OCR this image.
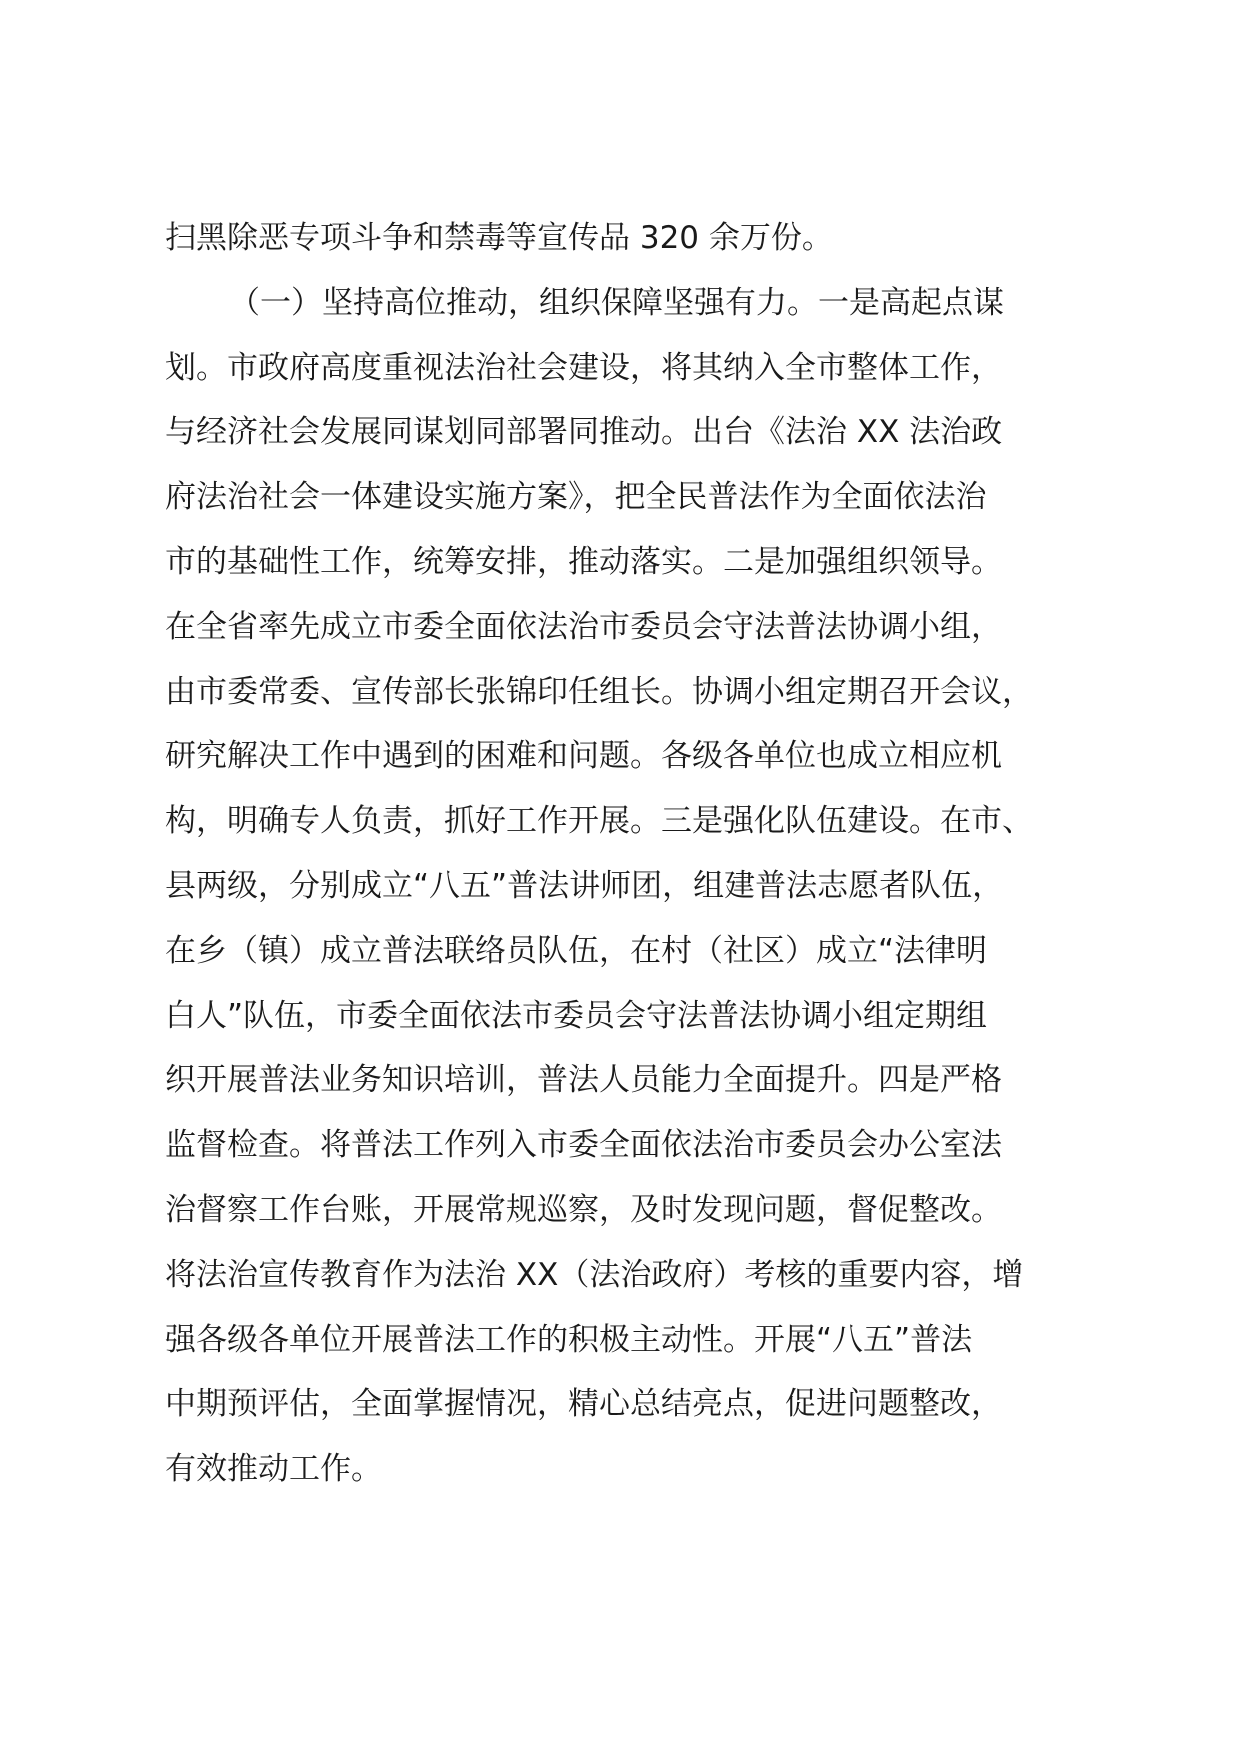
扫黑除恶专项斗争和禁毒等宣传品 320 余万份。

（一）坚持高位推动，组织保障坚强有力。一是高起点谋

划。市政府高度重视法治社会建设，将其纳入全市整体工作，

与经济社会发展同谋划同部署同推动。出台《法治 XX 法治政

府法治社会一体建设实施方案》，把全民普法作为全面依法治

市的基础性工作，统筹安排，推动落实。二是加强组织领导。

在全省率先成立市委全面依法治市委员会守法普法协调小组，

由市委常委、宣传部长张锦印任组长。协调小组定期召开会议，

研究解决工作中遇到的困难和问题。各级各单位也成立相应机

构，明确专人负责，抓好工作开展。三是强化队伍建设。在市、

县两级，分别成立“八五”普法讲师团，组建普法志愿者队伍，

在乡（镇）成立普法联络员队伍，在村（社区）成立“法律明

白人”队伍，市委全面依法市委员会守法普法协调小组定期组

织开展普法业务知识培训，普法人员能力全面提升。四是严格

监督检查。将普法工作列入市委全面依法治市委员会办公室法

治督察工作台账，开展常规巡察，及时发现问题，督促整改。

将法治宣传教育作为法治 XX（法治政府）考核的重要内容，增

强各级各单位开展普法工作的积极主动性。开展“八五”普法

中期预评估，全面掌握情况，精心总结亮点，促进问题整改，

有效推动工作。
